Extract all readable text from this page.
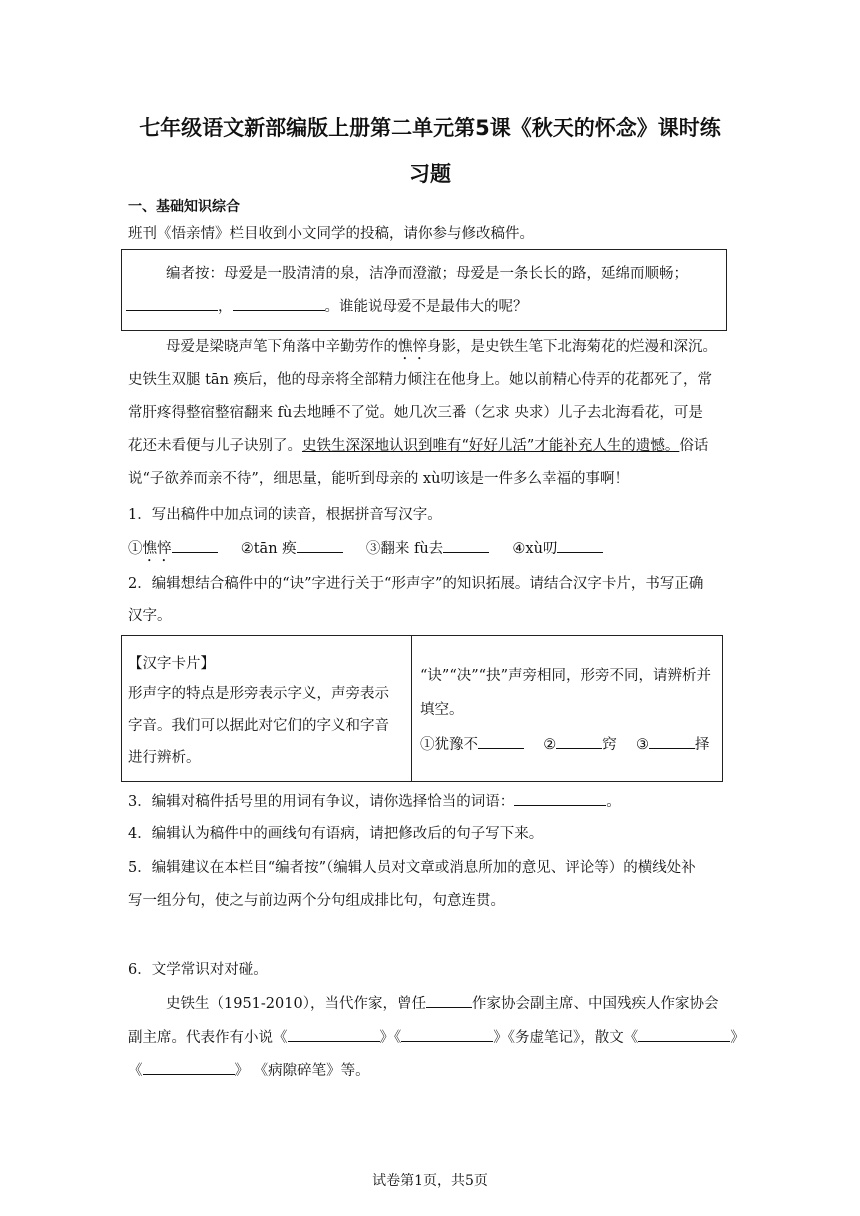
七年级语文新部编版上册第二单元第5课《秋天的怀念》课时练
习题
一、基础知识综合
班刊《悟亲情》栏目收到小文同学的投稿，请你参与修改稿件。
编者按：母爱是一股清清的泉，洁净而澄澈；母爱是一条长长的路，延绵而顺畅；
，	。谁能说母爱不是最伟大的呢？
母爱是梁晓声笔下角落中辛勤劳作的憔悴身影，是史铁生笔下北海菊花的烂漫和深沉。
史铁生双腿 tān 痪后，他的母亲将全部精力倾注在他身上。她以前精心侍弄的花都死了，常
常肝疼得整宿整宿翻来 fù去地睡不了觉。她几次三番（乞求 央求）儿子去北海看花，可是
花还未看便与儿子诀别了。史铁生深深地认识到唯有“好好儿活”才能补充人生的遗憾。俗话
说“子欲养而亲不待”，细思量，能听到母亲的 xù叨该是一件多么幸福的事啊！
1．写出稿件中加点词的读音，根据拼音写汉字。
①憔悴	②tān 痪	③翻来 fù去	④xù叨
2．编辑想结合稿件中的“诀”字进行关于“形声字”的知识拓展。请结合汉字卡片，书写正确
汉字。
【汉字卡片】
形声字的特点是形旁表示字义，声旁表示
字音。我们可以据此对它们的字义和字音
进行辨析。
“诀”“决”“抉”声旁相同，形旁不同，请辨析并
填空。
①犹豫不	②	窍 ③	择
3．编辑对稿件括号里的用词有争议，请你选择恰当的词语：	。
4．编辑认为稿件中的画线句有语病，请把修改后的句子写下来。
5．编辑建议在本栏目“编者按”（编辑人员对文章或消息所加的意见、评论等）的横线处补
写一组分句，使之与前边两个分句组成排比句，句意连贯。
6．文学常识对对碰。
史铁生（1951-2010），当代作家，曾任	作家协会副主席、中国残疾人作家协会
副主席。代表作有小说《	》《	》《务虚笔记》，散文《	》
《	》 《病隙碎笔》等。
试卷第1页，共5页
